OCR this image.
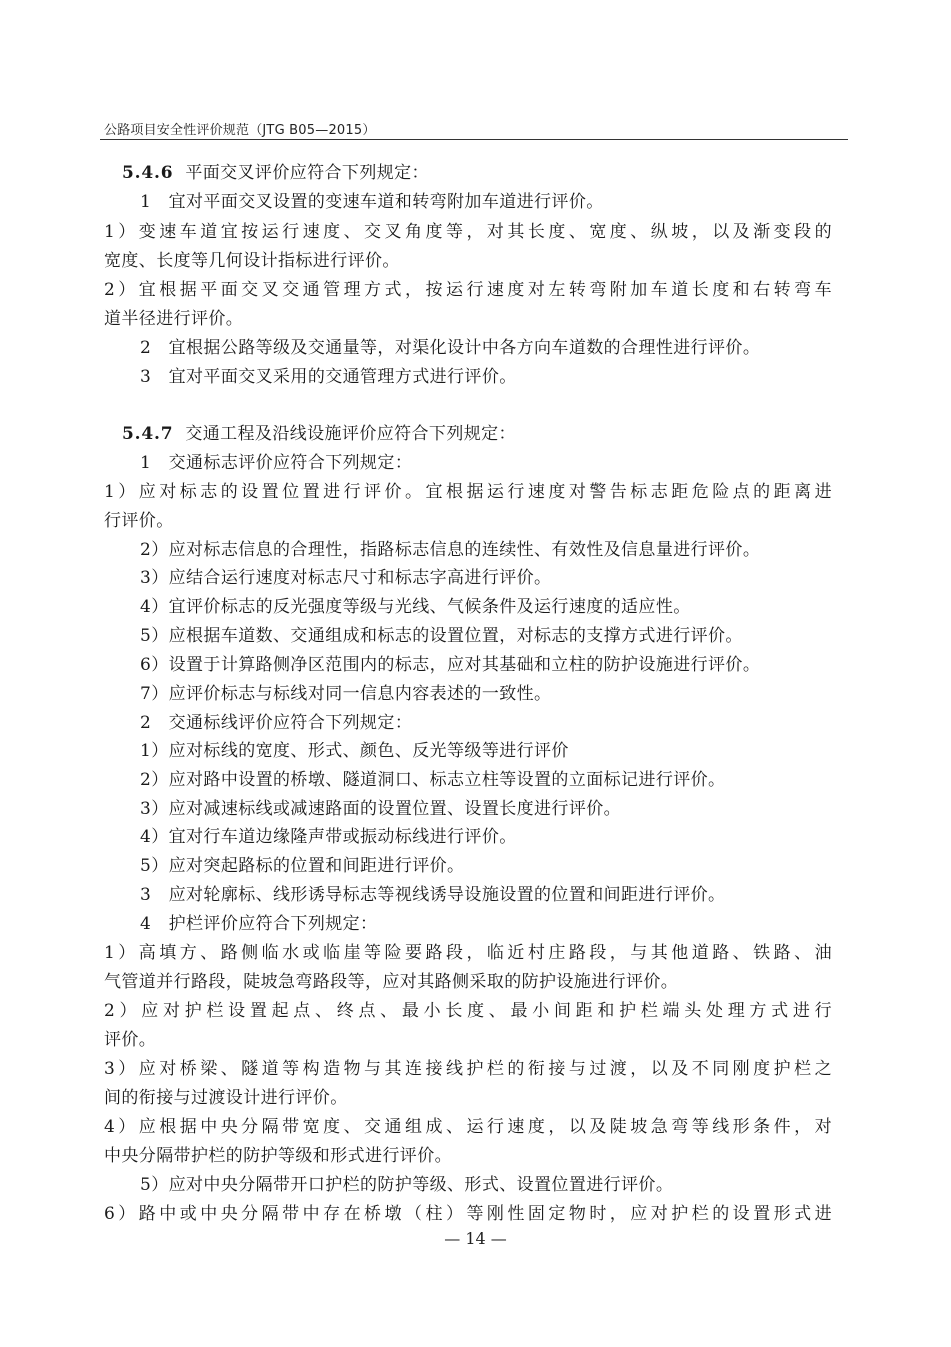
公路项目安全性评价规范（JTG B05—2015）
5.4.6 平面交叉评价应符合下列规定：
1　宜对平面交叉设置的变速车道和转弯附加车道进行评价。
1）变速车道宜按运行速度、交叉角度等，对其长度、宽度、纵坡，以及渐变段的
宽度、长度等几何设计指标进行评价。
2）宜根据平面交叉交通管理方式，按运行速度对左转弯附加车道长度和右转弯车
道半径进行评价。
2　宜根据公路等级及交通量等，对渠化设计中各方向车道数的合理性进行评价。
3　宜对平面交叉采用的交通管理方式进行评价。
5.4.7 交通工程及沿线设施评价应符合下列规定：
1　交通标志评价应符合下列规定：
1）应对标志的设置位置进行评价。宜根据运行速度对警告标志距危险点的距离进
行评价。
2）应对标志信息的合理性，指路标志信息的连续性、有效性及信息量进行评价。
3）应结合运行速度对标志尺寸和标志字高进行评价。
4）宜评价标志的反光强度等级与光线、气候条件及运行速度的适应性。
5）应根据车道数、交通组成和标志的设置位置，对标志的支撑方式进行评价。
6）设置于计算路侧净区范围内的标志，应对其基础和立柱的防护设施进行评价。
7）应评价标志与标线对同一信息内容表述的一致性。
2　交通标线评价应符合下列规定：
1）应对标线的宽度、形式、颜色、反光等级等进行评价
2）应对路中设置的桥墩、隧道洞口、标志立柱等设置的立面标记进行评价。
3）应对减速标线或减速路面的设置位置、设置长度进行评价。
4）宜对行车道边缘隆声带或振动标线进行评价。
5）应对突起路标的位置和间距进行评价。
3　应对轮廓标、线形诱导标志等视线诱导设施设置的位置和间距进行评价。
4　护栏评价应符合下列规定：
1）高填方、路侧临水或临崖等险要路段，临近村庄路段，与其他道路、铁路、油
气管道并行路段，陡坡急弯路段等，应对其路侧采取的防护设施进行评价。
2）应对护栏设置起点、终点、最小长度、最小间距和护栏端头处理方式进行
评价。
3）应对桥梁、隧道等构造物与其连接线护栏的衔接与过渡，以及不同刚度护栏之
间的衔接与过渡设计进行评价。
4）应根据中央分隔带宽度、交通组成、运行速度，以及陡坡急弯等线形条件，对
中央分隔带护栏的防护等级和形式进行评价。
5）应对中央分隔带开口护栏的防护等级、形式、设置位置进行评价。
6）路中或中央分隔带中存在桥墩（柱）等刚性固定物时，应对护栏的设置形式进
— 14 —
